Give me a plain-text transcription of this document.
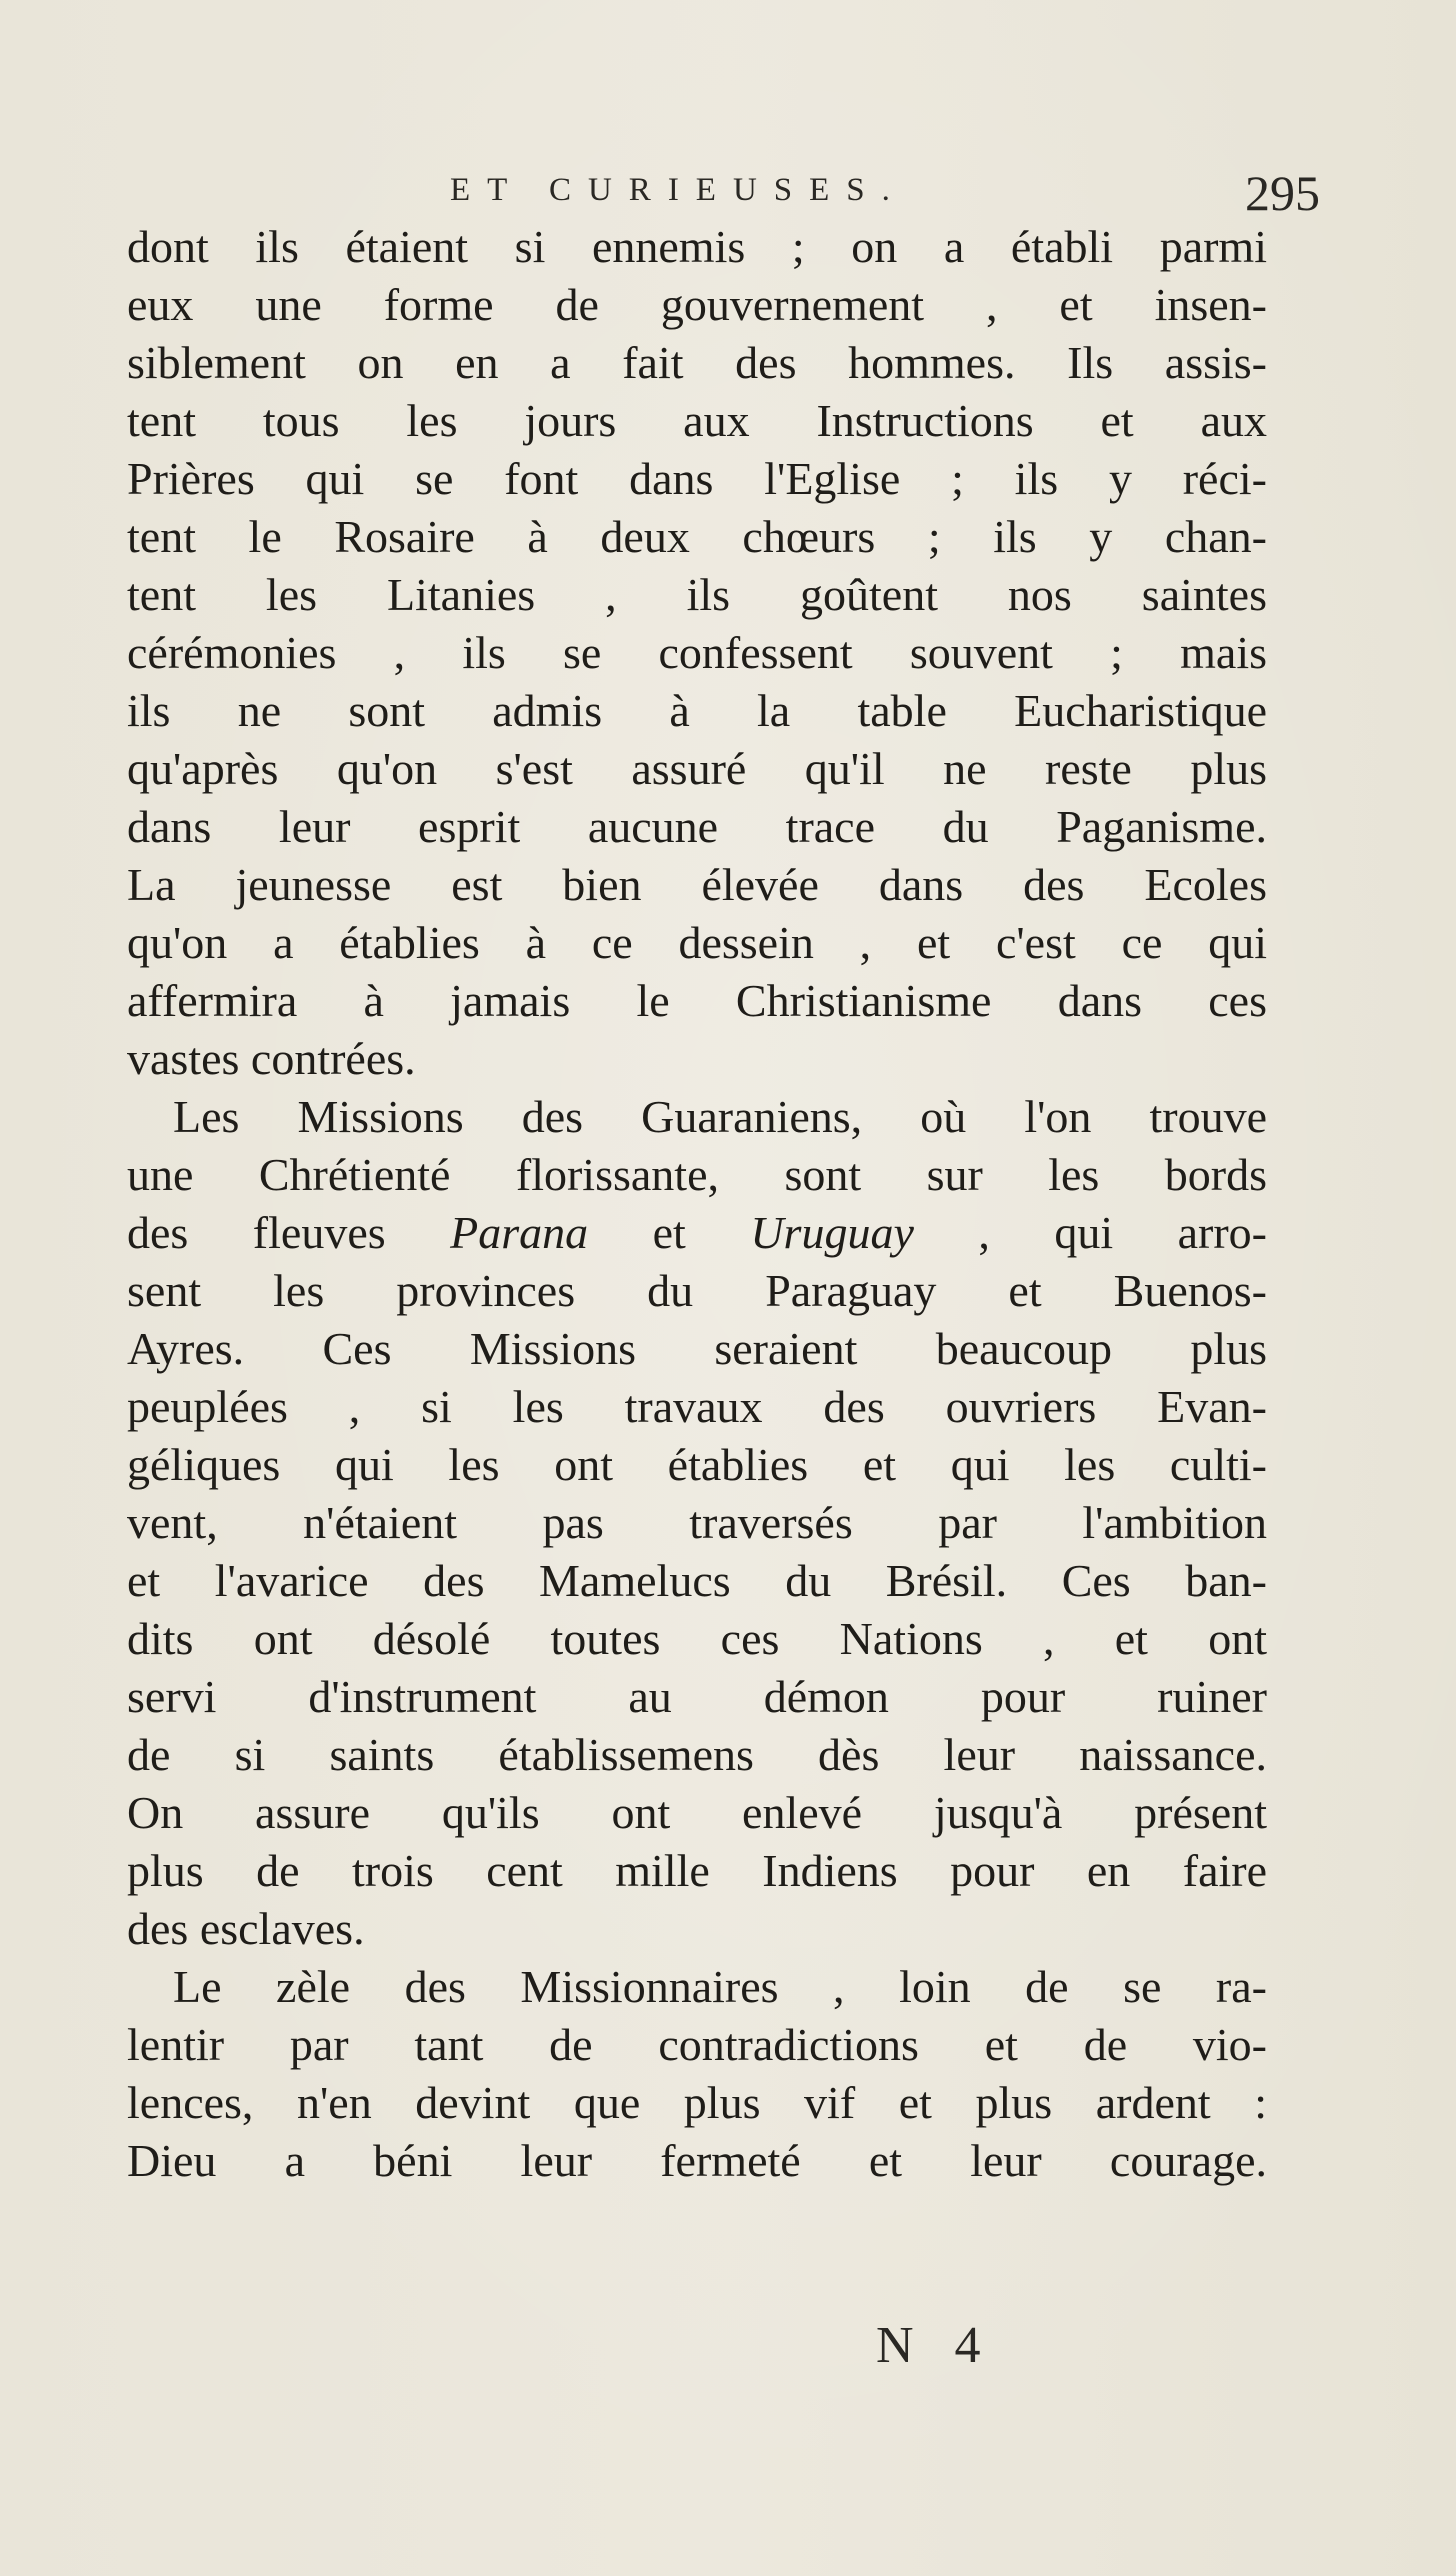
ET CURIEUSES.	295
dont ils étaient si ennemis ; on a établi parmi
eux une forme de gouvernement , et insen-
siblement on en a fait des hommes. Ils assis-
tent tous les jours aux Instructions et aux
Prières qui se font dans l'Eglise ; ils y réci-
tent le Rosaire à deux chœurs ; ils y chan-
tent les Litanies , ils goûtent nos saintes
cérémonies , ils se confessent souvent ; mais
ils ne sont admis à la table Eucharistique
qu'après qu'on s'est assuré qu'il ne reste plus
dans leur esprit aucune trace du Paganisme.
La jeunesse est bien élevée dans des Ecoles
qu'on a établies à ce dessein , et c'est ce qui
affermira à jamais le Christianisme dans ces
vastes contrées.
Les Missions des Guaraniens, où l'on trouve
une Chrétienté florissante, sont sur les bords
des fleuves Parana et Uruguay , qui arro-
sent les provinces du Paraguay et Buenos-
Ayres. Ces Missions seraient beaucoup plus
peuplées , si les travaux des ouvriers Evan-
géliques qui les ont établies et qui les culti-
vent, n'étaient pas traversés par l'ambition
et l'avarice des Mamelucs du Brésil. Ces ban-
dits ont désolé toutes ces Nations , et ont
servi d'instrument au démon pour ruiner
de si saints établissemens dès leur naissance.
On assure qu'ils ont enlevé jusqu'à présent
plus de trois cent mille Indiens pour en faire
des esclaves.
Le zèle des Missionnaires , loin de se ra-
lentir par tant de contradictions et de vio-
lences, n'en devint que plus vif et plus ardent :
Dieu a béni leur fermeté et leur courage.
N 4
